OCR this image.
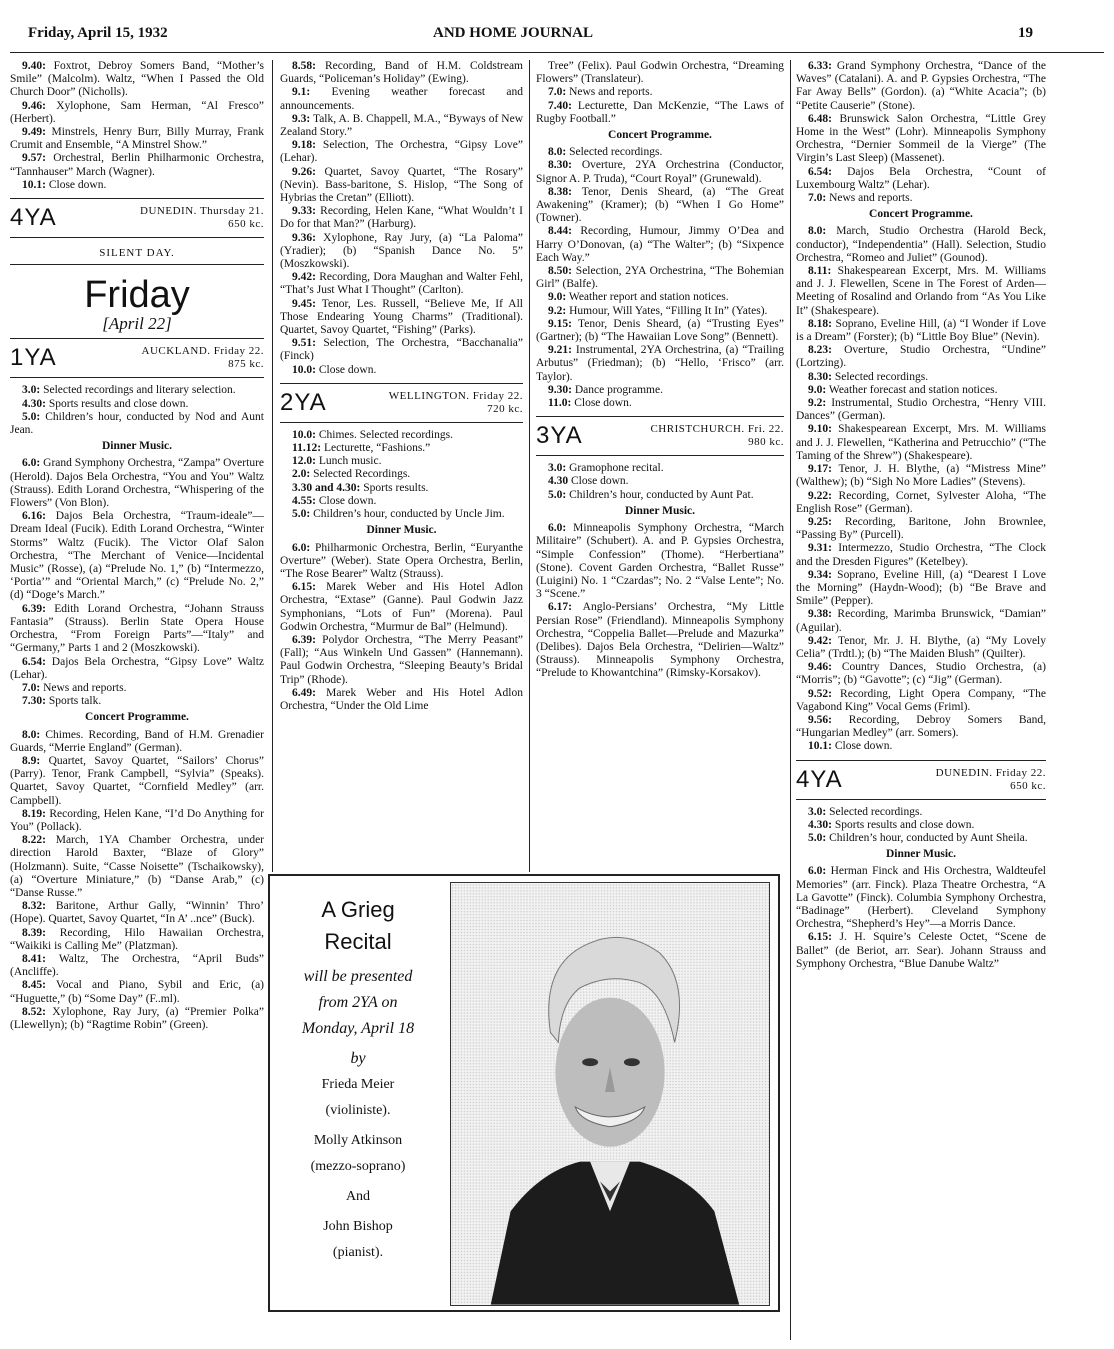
Friday, April 15, 1932	AND HOME JOURNAL	19

9.40: Foxtrot, Debroy Somers Band, “Mother’s Smile” (Malcolm). Waltz, “When I Passed the Old Church Door” (Nicholls).

9.46: Xylophone, Sam Herman, “Al Fresco” (Herbert).

9.49: Minstrels, Henry Burr, Billy Murray, Frank Crumit and Ensemble, “A Minstrel Show.”

9.57: Orchestral, Berlin Philharmonic Orchestra, “Tannhauser” March (Wagner).

10.1: Close down.

4YA	DUNEDIN. Thursday 21.
650 kc.
SILENT DAY.
Friday
[April 22]
1YA	AUCKLAND. Friday 22.
875 kc.

3.0: Selected recordings and literary selection.

4.30: Sports results and close down.

5.0: Children’s hour, conducted by Nod and Aunt Jean.

Dinner Music.

6.0: Grand Symphony Orchestra, “Zampa” Overture (Herold). Dajos Bela Orchestra, “You and You” Waltz (Strauss). Edith Lorand Orchestra, “Whispering of the Flowers” (Von Blon).

6.16: Dajos Bela Orchestra, “Traum-ideale”—Dream Ideal (Fucik). Edith Lorand Orchestra, “Winter Storms” Waltz (Fucik). The Victor Olaf Salon Orchestra, “The Merchant of Venice—Incidental Music” (Rosse), (a) “Prelude No. 1,” (b) “Intermezzo, ‘Portia’” and “Oriental March,” (c) “Prelude No. 2,” (d) “Doge’s March.”

6.39: Edith Lorand Orchestra, “Johann Strauss Fantasia” (Strauss). Berlin State Opera House Orchestra, “From Foreign Parts”—“Italy” and “Germany,” Parts 1 and 2 (Moszkowski).

6.54: Dajos Bela Orchestra, “Gipsy Love” Waltz (Lehar).

7.0: News and reports.

7.30: Sports talk.

Concert Programme.

8.0: Chimes. Recording, Band of H.M. Grenadier Guards, “Merrie England” (German).

8.9: Quartet, Savoy Quartet, “Sailors’ Chorus” (Parry). Tenor, Frank Campbell, “Sylvia” (Speaks). Quartet, Savoy Quartet, “Cornfield Medley” (arr. Campbell).

8.19: Recording, Helen Kane, “I’d Do Anything for You” (Pollack).

8.22: March, 1YA Chamber Orchestra, under direction Harold Baxter, “Blaze of Glory” (Holzmann). Suite, “Casse Noisette” (Tschaikowsky), (a) “Overture Miniature,” (b) “Danse Arab,” (c) “Danse Russe.”

8.32: Baritone, Arthur Gally, “Winnin’ Thro’ (Hope). Quartet, Savoy Quartet, “In A’ ..nce” (Buck).

8.39: Recording, Hilo Hawaiian Orchestra, “Waikiki is Calling Me” (Platzman).

8.41: Waltz, The Orchestra, “April Buds” (Ancliffe).

8.45: Vocal and Piano, Sybil and Eric, (a) “Huguette,” (b) “Some Day” (F..ml).

8.52: Xylophone, Ray Jury, (a) “Premier Polka” (Llewellyn); (b) “Ragtime Robin” (Green).

8.58: Recording, Band of H.M. Coldstream Guards, “Policeman’s Holiday” (Ewing).

9.1: Evening weather forecast and announcements.

9.3: Talk, A. B. Chappell, M.A., “Byways of New Zealand Story.”

9.18: Selection, The Orchestra, “Gipsy Love” (Lehar).

9.26: Quartet, Savoy Quartet, “The Rosary” (Nevin). Bass-baritone, S. Hislop, “The Song of Hybrias the Cretan” (Elliott).

9.33: Recording, Helen Kane, “What Wouldn’t I Do for that Man?” (Harburg).

9.36: Xylophone, Ray Jury, (a) “La Paloma” (Yradier); (b) “Spanish Dance No. 5” (Moszkowski).

9.42: Recording, Dora Maughan and Walter Fehl, “That’s Just What I Thought” (Carlton).

9.45: Tenor, Les. Russell, “Believe Me, If All Those Endearing Young Charms” (Traditional). Quartet, Savoy Quartet, “Fishing” (Parks).

9.51: Selection, The Orchestra, “Bacchanalia” (Finck)

10.0: Close down.

2YA	WELLINGTON. Friday 22.
720 kc.

10.0: Chimes. Selected recordings.

11.12: Lecturette, “Fashions.”

12.0: Lunch music.

2.0: Selected Recordings.

3.30 and 4.30: Sports results.

4.55: Close down.

5.0: Children’s hour, conducted by Uncle Jim.

Dinner Music.

6.0: Philharmonic Orchestra, Berlin, “Euryanthe Overture” (Weber). State Opera Orchestra, Berlin, “The Rose Bearer” Waltz (Strauss).

6.15: Marek Weber and His Hotel Adlon Orchestra, “Extase” (Ganne). Paul Godwin Jazz Symphonians, “Lots of Fun” (Morena). Paul Godwin Orchestra, “Murmur de Bal” (Helmund).

6.39: Polydor Orchestra, “The Merry Peasant” (Fall); “Aus Winkeln Und Gassen” (Hannemann). Paul Godwin Orchestra, “Sleeping Beauty’s Bridal Trip” (Rhode).

6.49: Marek Weber and His Hotel Adlon Orchestra, “Under the Old Lime

Tree” (Felix). Paul Godwin Orchestra, “Dreaming Flowers” (Translateur).

7.0: News and reports.

7.40: Lecturette, Dan McKenzie, “The Laws of Rugby Football.”

Concert Programme.

8.0: Selected recordings.

8.30: Overture, 2YA Orchestrina (Conductor, Signor A. P. Truda), “Court Royal” (Grunewald).

8.38: Tenor, Denis Sheard, (a) “The Great Awakening” (Kramer); (b) “When I Go Home” (Towner).

8.44: Recording, Humour, Jimmy O’Dea and Harry O’Donovan, (a) “The Walter”; (b) “Sixpence Each Way.”

8.50: Selection, 2YA Orchestrina, “The Bohemian Girl” (Balfe).

9.0: Weather report and station notices.

9.2: Humour, Will Yates, “Filling It In” (Yates).

9.15: Tenor, Denis Sheard, (a) “Trusting Eyes” (Gartner); (b) “The Hawaiian Love Song” (Bennett).

9.21: Instrumental, 2YA Orchestrina, (a) “Trailing Arbutus” (Friedman); (b) “Hello, ‘Frisco” (arr. Taylor).

9.30: Dance programme.

11.0: Close down.

3YA	CHRISTCHURCH. Fri. 22.
980 kc.

3.0: Gramophone recital.

4.30 Close down.

5.0: Children’s hour, conducted by Aunt Pat.

Dinner Music.

6.0: Minneapolis Symphony Orchestra, “March Militaire” (Schubert). A. and P. Gypsies Orchestra, “Simple Confession” (Thome). “Herbertiana” (Stone). Covent Garden Orchestra, “Ballet Russe” (Luigini) No. 1 “Czardas”; No. 2 “Valse Lente”; No. 3 “Scene.”

6.17: Anglo-Persians’ Orchestra, “My Little Persian Rose” (Friendland). Minneapolis Symphony Orchestra, “Coppelia Ballet—Prelude and Mazurka” (Delibes). Dajos Bela Orchestra, “Delirien—Waltz” (Strauss). Minneapolis Symphony Orchestra, “Prelude to Khowantchina” (Rimsky-Korsakov).

6.33: Grand Symphony Orchestra, “Dance of the Waves” (Catalani). A. and P. Gypsies Orchestra, “The Far Away Bells” (Gordon). (a) “White Acacia”; (b) “Petite Causerie” (Stone).

6.48: Brunswick Salon Orchestra, “Little Grey Home in the West” (Lohr). Minneapolis Symphony Orchestra, “Dernier Sommeil de la Vierge” (The Virgin’s Last Sleep) (Massenet).

6.54: Dajos Bela Orchestra, “Count of Luxembourg Waltz” (Lehar).

7.0: News and reports.

Concert Programme.

8.0: March, Studio Orchestra (Harold Beck, conductor), “Independentia” (Hall). Selection, Studio Orchestra, “Romeo and Juliet” (Gounod).

8.11: Shakespearean Excerpt, Mrs. M. Williams and J. J. Flewellen, Scene in The Forest of Arden—Meeting of Rosalind and Orlando from “As You Like It” (Shakespeare).

8.18: Soprano, Eveline Hill, (a) “I Wonder if Love is a Dream” (Forster); (b) “Little Boy Blue” (Nevin).

8.23: Overture, Studio Orchestra, “Undine” (Lortzing).

8.30: Selected recordings.

9.0: Weather forecast and station notices.

9.2: Instrumental, Studio Orchestra, “Henry VIII. Dances” (German).

9.10: Shakespearean Excerpt, Mrs. M. Williams and J. J. Flewellen, “Katherina and Petrucchio” (“The Taming of the Shrew”) (Shakespeare).

9.17: Tenor, J. H. Blythe, (a) “Mistress Mine” (Walthew); (b) “Sigh No More Ladies” (Stevens).

9.22: Recording, Cornet, Sylvester Aloha, “The English Rose” (German).

9.25: Recording, Baritone, John Brownlee, “Passing By” (Purcell).

9.31: Intermezzo, Studio Orchestra, “The Clock and the Dresden Figures” (Ketelbey).

9.34: Soprano, Eveline Hill, (a) “Dearest I Love the Morning” (Haydn-Wood); (b) “Be Brave and Smile” (Pepper).

9.38: Recording, Marimba Brunswick, “Damian” (Aguilar).

9.42: Tenor, Mr. J. H. Blythe, (a) “My Lovely Celia” (Trdtl.); (b) “The Maiden Blush” (Quilter).

9.46: Country Dances, Studio Orchestra, (a) “Morris”; (b) “Gavotte”; (c) “Jig” (German).

9.52: Recording, Light Opera Company, “The Vagabond King” Vocal Gems (Friml).

9.56: Recording, Debroy Somers Band, “Hungarian Medley” (arr. Somers).

10.1: Close down.

4YA	DUNEDIN. Friday 22.
650 kc.

3.0: Selected recordings.

4.30: Sports results and close down.

5.0: Children’s hour, conducted by Aunt Sheila.

Dinner Music.

6.0: Herman Finck and His Orchestra, Waldteufel Memories” (arr. Finck). Plaza Theatre Orchestra, “A La Gavotte” (Finck). Columbia Symphony Orchestra, “Badinage” (Herbert). Cleveland Symphony Orchestra, “Shepherd’s Hey”—a Morris Dance.

6.15: J. H. Squire’s Celeste Octet, “Scene de Ballet” (de Beriot, arr. Sear). Johann Strauss and Symphony Orchestra, “Blue Danube Waltz”

A Grieg
Recital
will be presented
from 2YA on
Monday, April 18
by
Frieda Meier
(violiniste).
Molly Atkinson
(mezzo-soprano)
And
John Bishop
(pianist).
